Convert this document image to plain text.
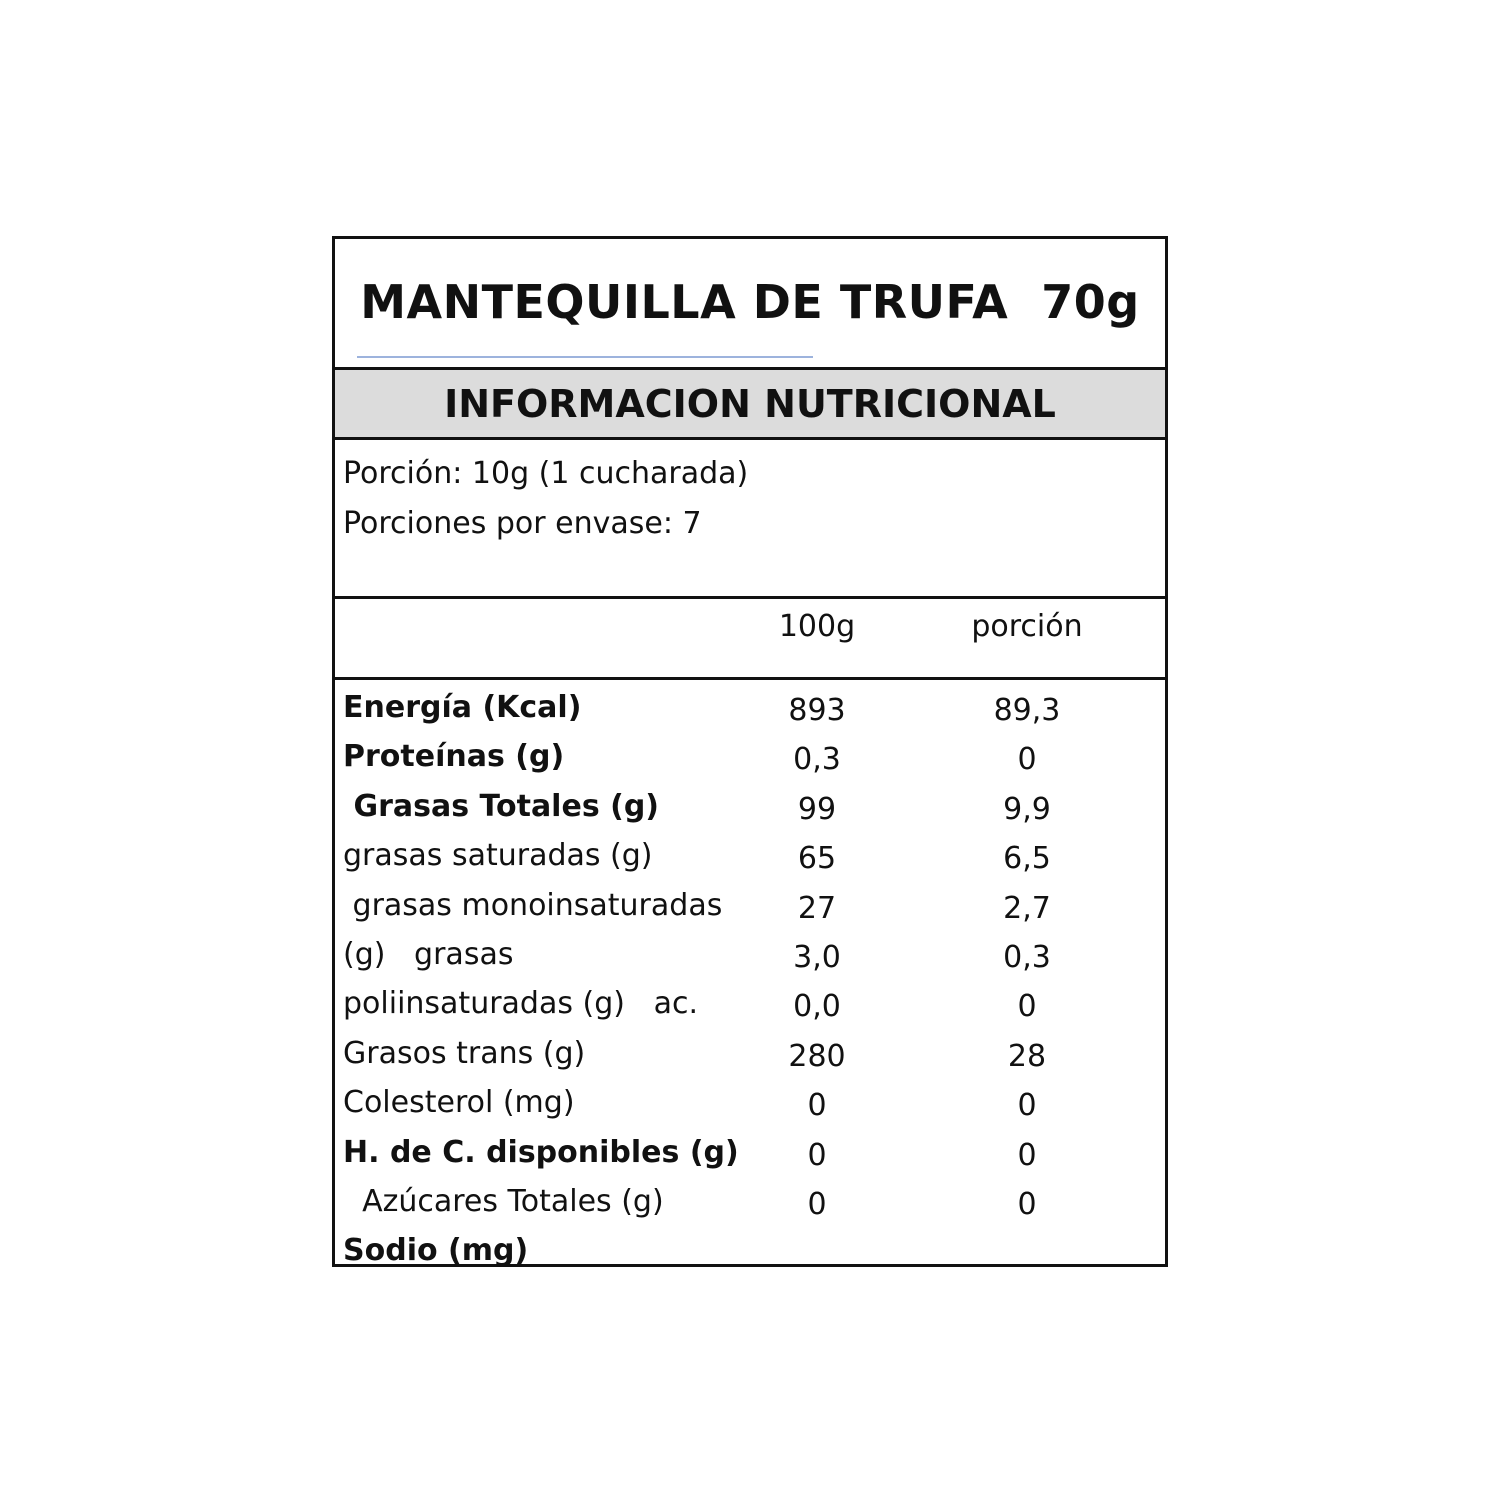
MANTEQUILLA DE TRUFA  70g
INFORMACION NUTRICIONAL
Porción: 10g (1 cucharada)
Porciones por envase: 7
100g	porción
Energía (Kcal)	893	89,3
Proteínas (g)	0,3	0
Grasas Totales (g)	99	9,9
grasas saturadas (g)	65	6,5
grasas monoinsaturadas	27	2,7
(g)   grasas	3,0	0,3
poliinsaturadas (g)   ac.	0,0	0
Grasos trans (g)	280	28
Colesterol (mg)	0	0
H. de C. disponibles (g)	0	0
Azúcares Totales (g)	0	0
Sodio (mg)
